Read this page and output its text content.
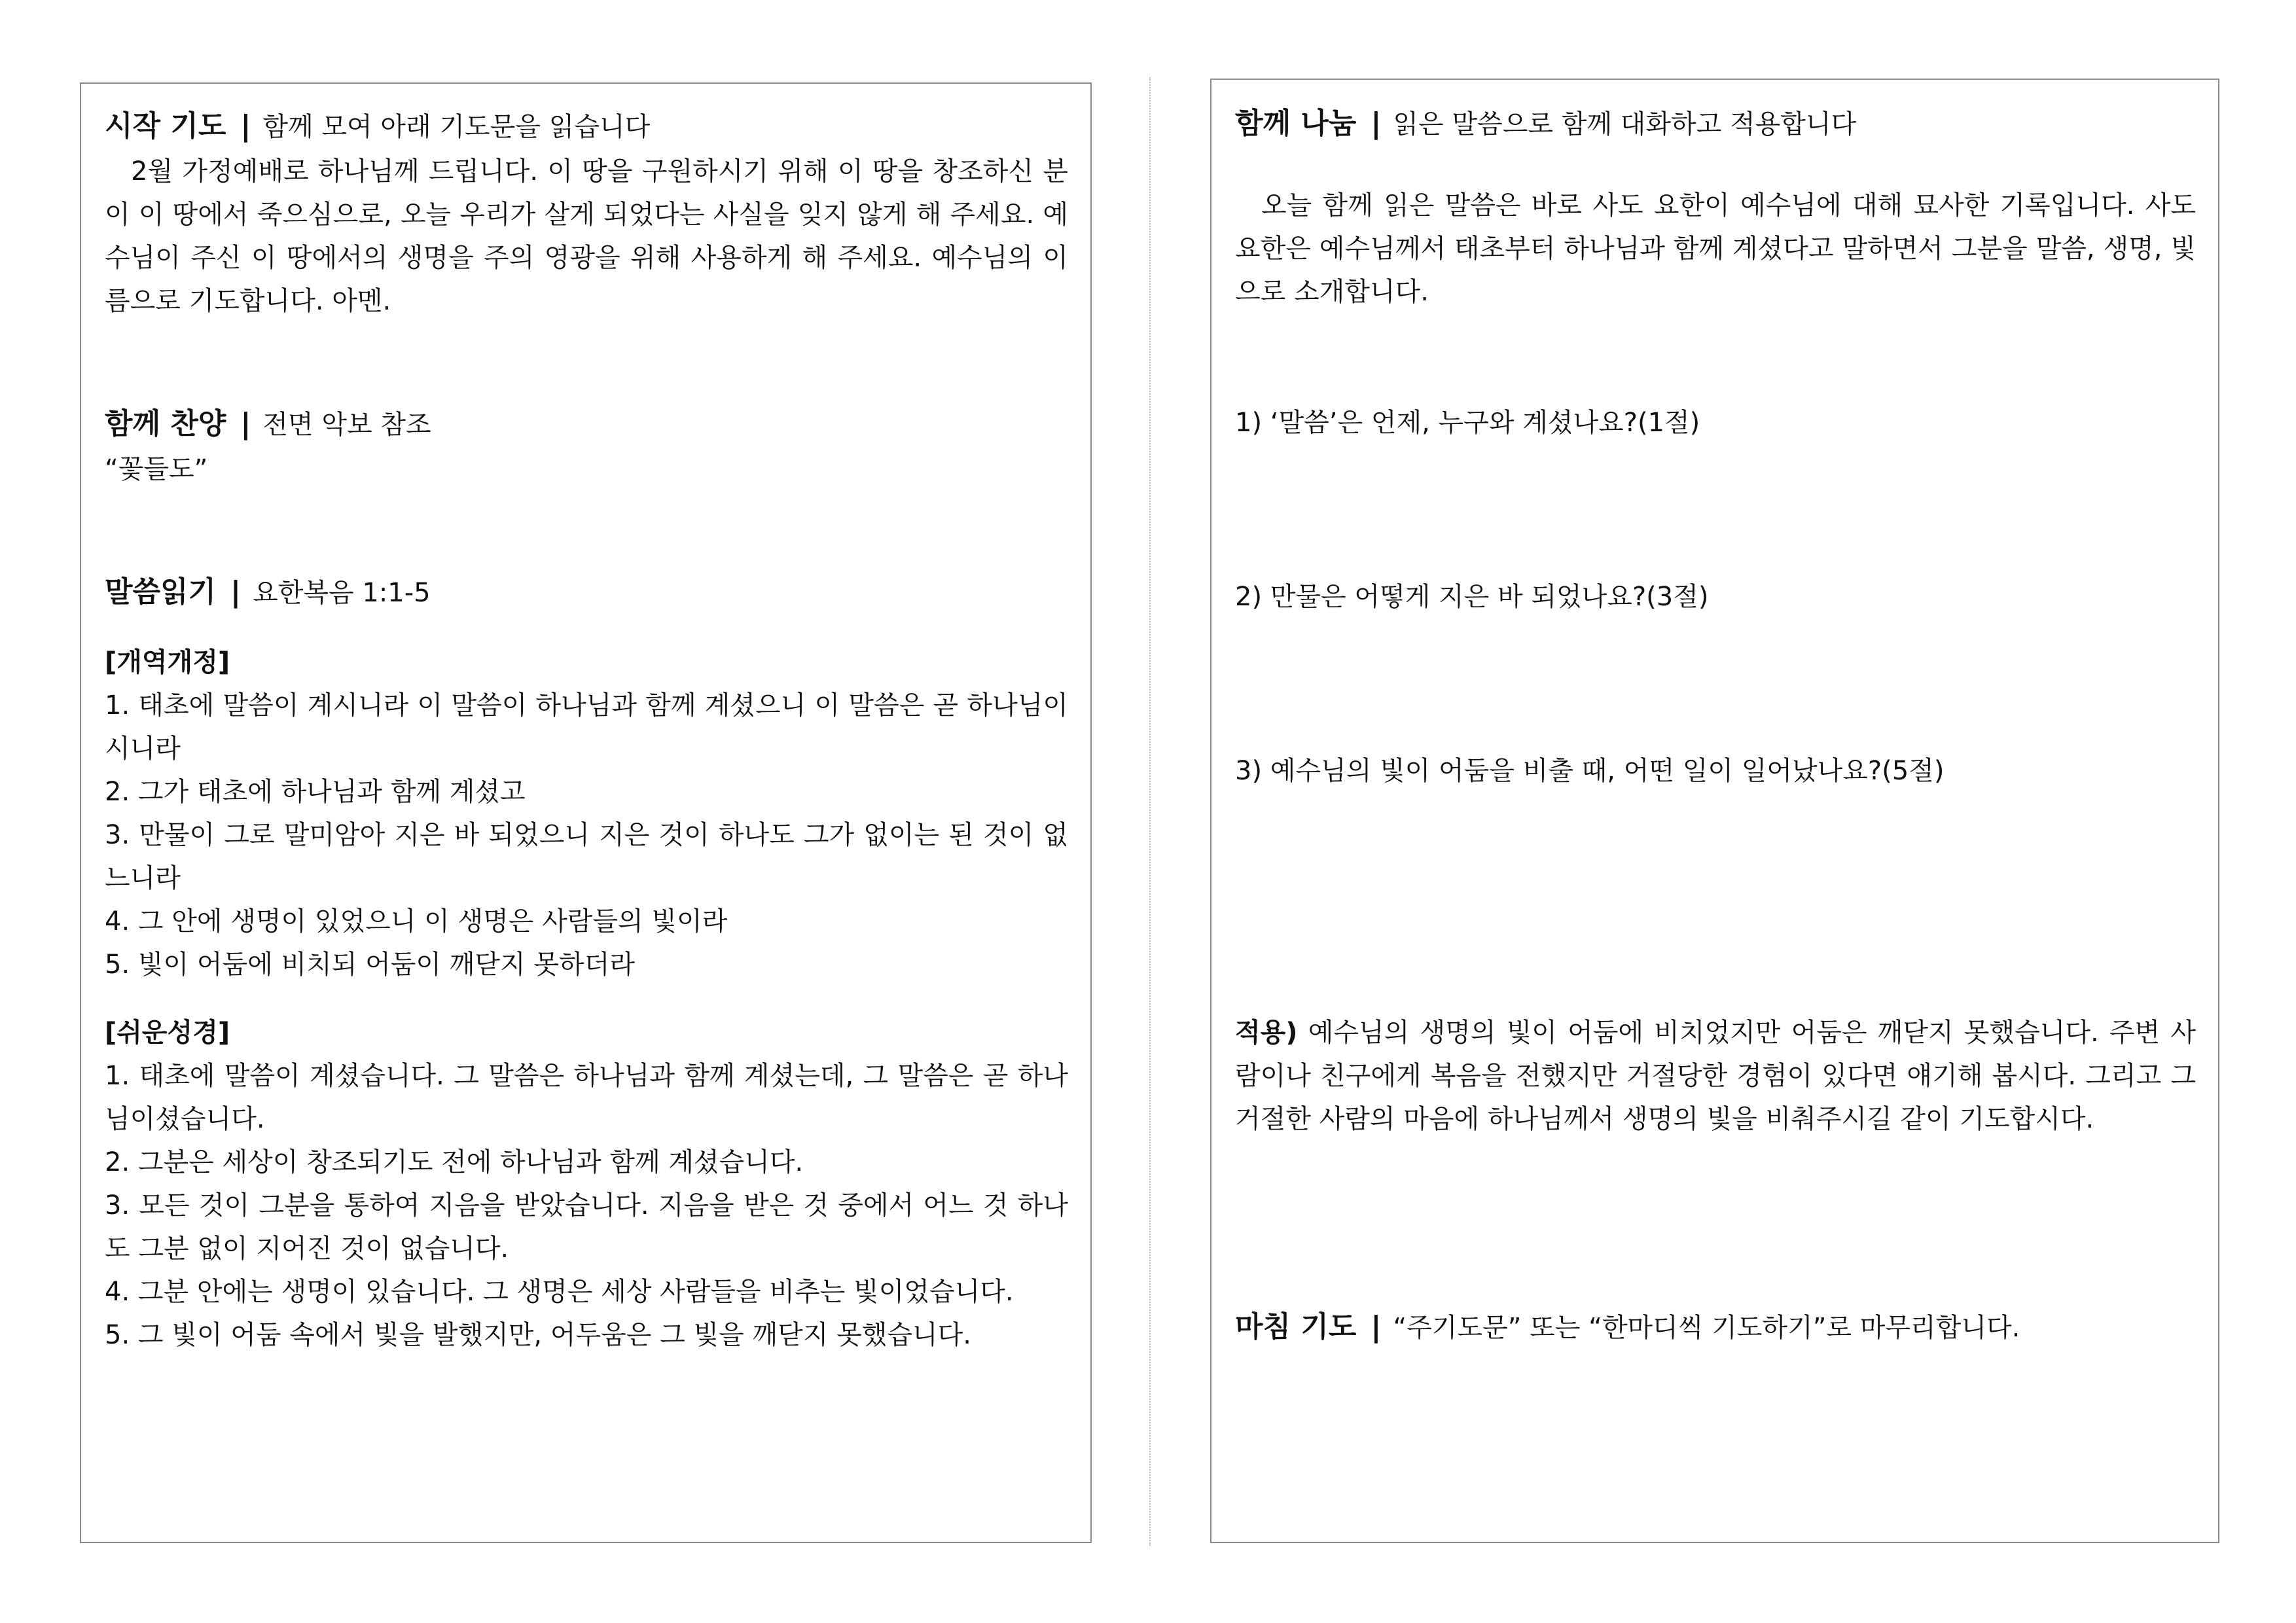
시작 기도 | 함께 모여 아래 기도문을 읽습니다

2월 가정예배로 하나님께 드립니다. 이 땅을 구원하시기 위해 이 땅을 창조하신 분이 이 땅에서 죽으심으로, 오늘 우리가 살게 되었다는 사실을 잊지 않게 해 주세요. 예수님이 주신 이 땅에서의 생명을 주의 영광을 위해 사용하게 해 주세요. 예수님의 이름으로 기도합니다. 아멘.

함께 찬양 | 전면 악보 참조

“꽃들도”

말씀읽기 | 요한복음 1:1-5

[개역개정]

1. 태초에 말씀이 계시니라 이 말씀이 하나님과 함께 계셨으니 이 말씀은 곧 하나님이시니라

2. 그가 태초에 하나님과 함께 계셨고

3. 만물이 그로 말미암아 지은 바 되었으니 지은 것이 하나도 그가 없이는 된 것이 없느니라

4. 그 안에 생명이 있었으니 이 생명은 사람들의 빛이라

5. 빛이 어둠에 비치되 어둠이 깨닫지 못하더라

[쉬운성경]

1. 태초에 말씀이 계셨습니다. 그 말씀은 하나님과 함께 계셨는데, 그 말씀은 곧 하나님이셨습니다.

2. 그분은 세상이 창조되기도 전에 하나님과 함께 계셨습니다.

3. 모든 것이 그분을 통하여 지음을 받았습니다. 지음을 받은 것 중에서 어느 것 하나도 그분 없이 지어진 것이 없습니다.

4. 그분 안에는 생명이 있습니다. 그 생명은 세상 사람들을 비추는 빛이었습니다.

5. 그 빛이 어둠 속에서 빛을 발했지만, 어두움은 그 빛을 깨닫지 못했습니다.

함께 나눔 | 읽은 말씀으로 함께 대화하고 적용합니다

오늘 함께 읽은 말씀은 바로 사도 요한이 예수님에 대해 묘사한 기록입니다. 사도 요한은 예수님께서 태초부터 하나님과 함께 계셨다고 말하면서 그분을 말씀, 생명, 빛으로 소개합니다.

1) ‘말씀’은 언제, 누구와 계셨나요?(1절)

2) 만물은 어떻게 지은 바 되었나요?(3절)

3) 예수님의 빛이 어둠을 비출 때, 어떤 일이 일어났나요?(5절)

적용) 예수님의 생명의 빛이 어둠에 비치었지만 어둠은 깨닫지 못했습니다. 주변 사람이나 친구에게 복음을 전했지만 거절당한 경험이 있다면 얘기해 봅시다. 그리고 그 거절한 사람의 마음에 하나님께서 생명의 빛을 비춰주시길 같이 기도합시다.

마침 기도 | “주기도문” 또는 “한마디씩 기도하기”로 마무리합니다.
